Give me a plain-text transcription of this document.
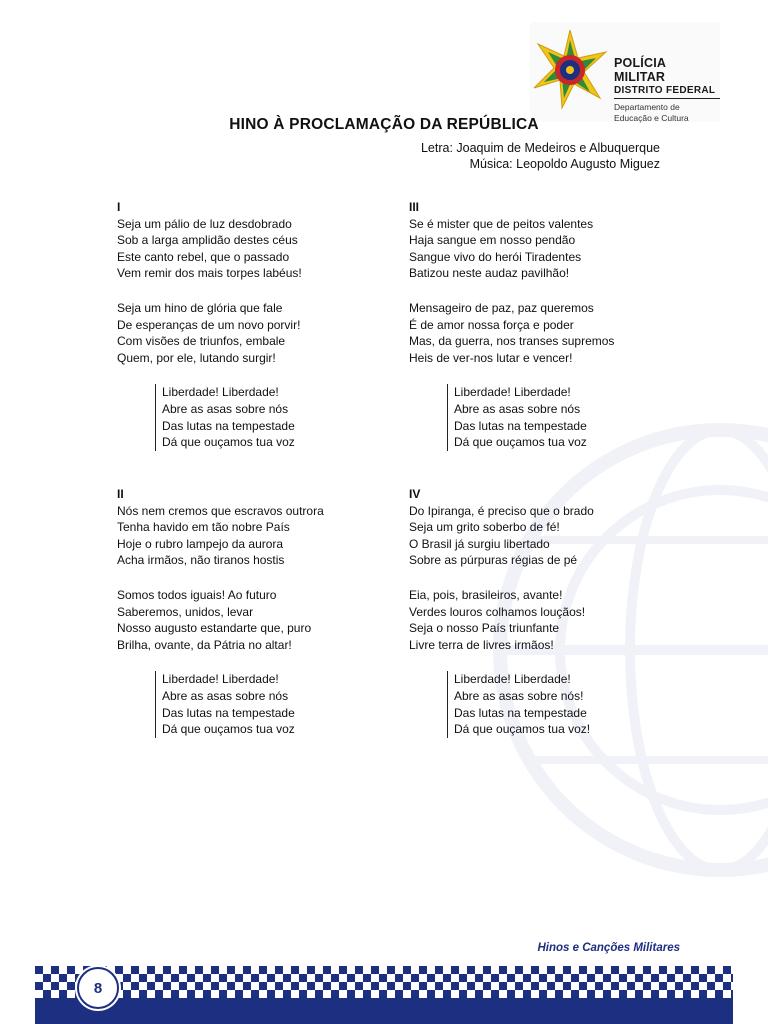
POLÍCIA MILITAR
DISTRITO FEDERAL
Departamento de
Educação e Cultura
HINO À PROCLAMAÇÃO DA REPÚBLICA
Letra: Joaquim de Medeiros e Albuquerque
Música: Leopoldo Augusto Miguez
I
Seja um pálio de luz desdobrado
Sob a larga amplidão destes céus
Este canto rebel, que o passado
Vem remir dos mais torpes labéus!
Seja um hino de glória que fale
De esperanças de um novo porvir!
Com visões de triunfos, embale
Quem, por ele, lutando surgir!
Liberdade! Liberdade!
Abre as asas sobre nós
Das lutas na tempestade
Dá que ouçamos tua voz
II
Nós nem cremos que escravos outrora
Tenha havido em tão nobre País
Hoje o rubro lampejo da aurora
Acha irmãos, não tiranos hostis
Somos todos iguais! Ao futuro
Saberemos, unidos, levar
Nosso augusto estandarte que, puro
Brilha, ovante, da Pátria no altar!
Liberdade! Liberdade!
Abre as asas sobre nós
Das lutas na tempestade
Dá que ouçamos tua voz
III
Se é mister que de peitos valentes
Haja sangue em nosso pendão
Sangue vivo do herói Tiradentes
Batizou neste audaz pavilhão!
Mensageiro de paz, paz queremos
É de amor nossa força e poder
Mas, da guerra, nos transes supremos
Heis de ver-nos lutar e vencer!
Liberdade! Liberdade!
Abre as asas sobre nós
Das lutas na tempestade
Dá que ouçamos tua voz
IV
Do Ipiranga, é preciso que o brado
Seja um grito soberbo de fé!
O Brasil já surgiu libertado
Sobre as púrpuras régias de pé
Eia, pois, brasileiros, avante!
Verdes louros colhamos louçãos!
Seja o nosso País triunfante
Livre terra de livres irmãos!
Liberdade! Liberdade!
Abre as asas sobre nós!
Das lutas na tempestade
Dá que ouçamos tua voz!
Hinos e Canções Militares
8
